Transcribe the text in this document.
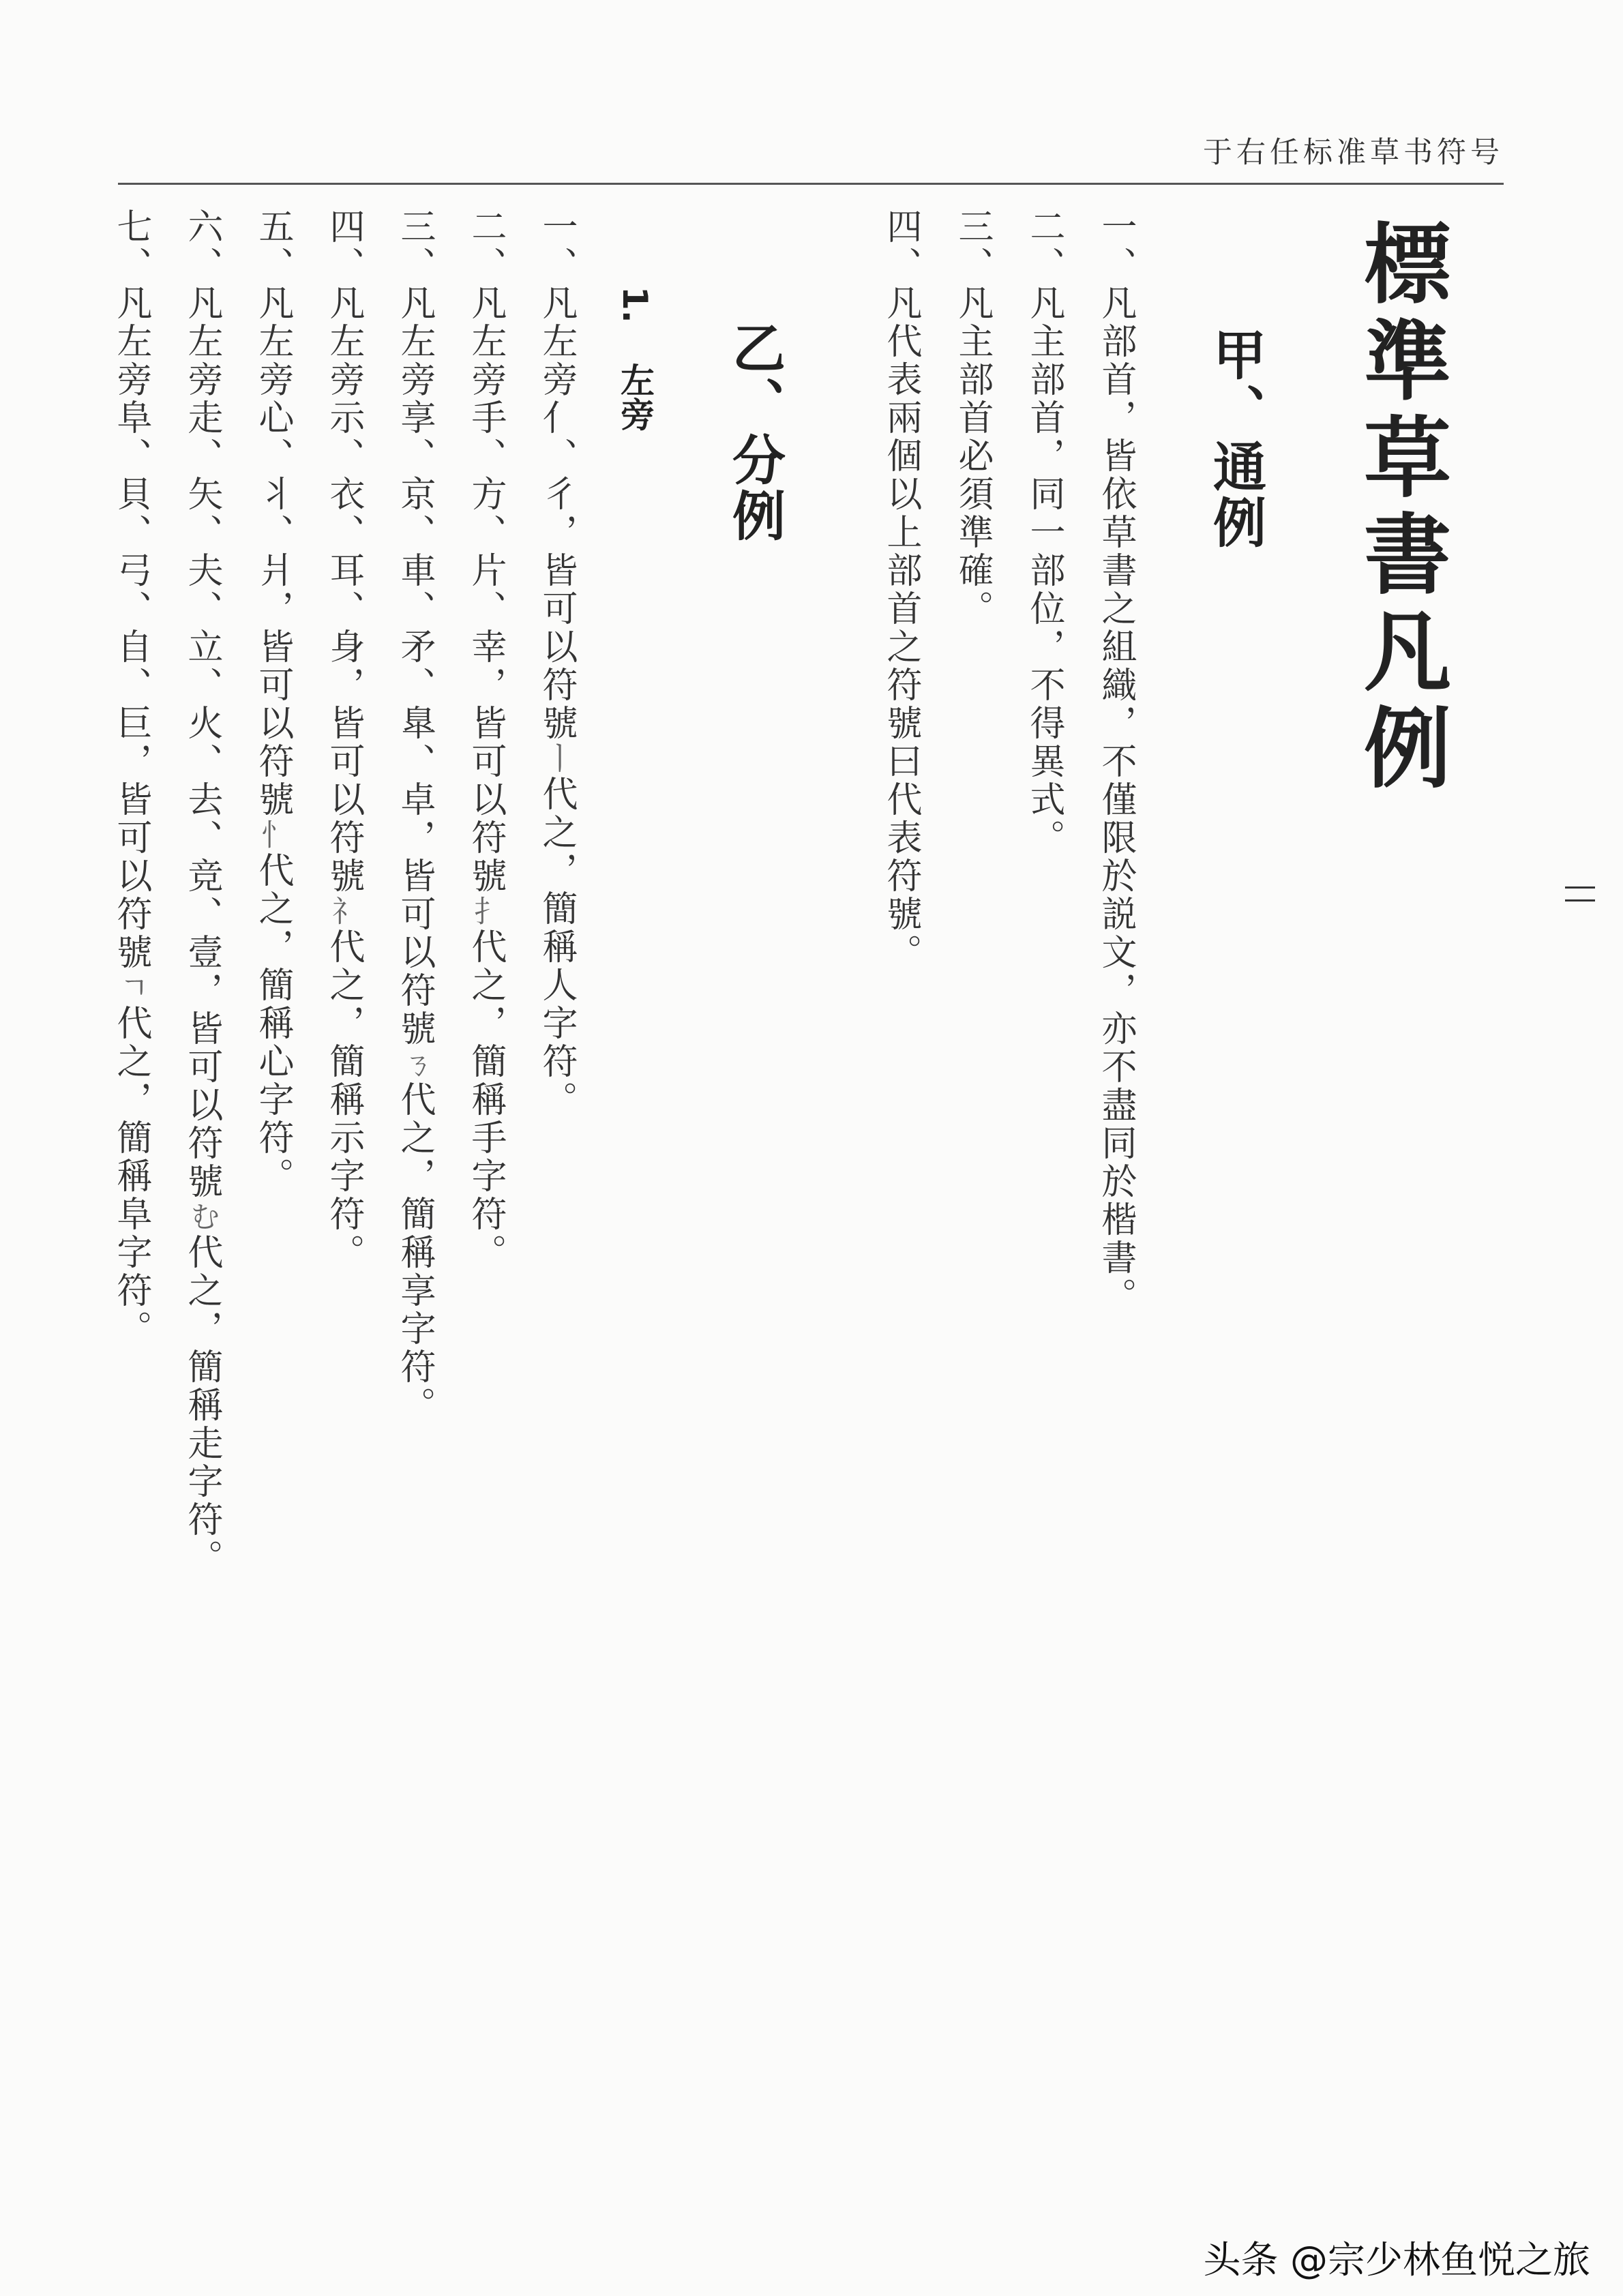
于右任标准草书符号
標準草書凡例
甲、通例
一、凡部首，皆依草書之組織，不僅限於説文，亦不盡同於楷書。
二、凡主部首，同一部位，不得異式。
三、凡主部首必須準確。
四、凡代表兩個以上部首之符號曰代表符號。
乙、分例
1. 左旁
一、凡左旁亻、彳，皆可以符號ㅣ代之，簡稱人字符。
二、凡左旁手、方、片、幸，皆可以符號扌代之，簡稱手字符。
三、凡左旁享、京、車、矛、臯、卓，皆可以符號ㄋ代之，簡稱享字符。
四、凡左旁示、衣、耳、身，皆可以符號礻代之，簡稱示字符。
五、凡左旁心、丬、爿，皆可以符號忄代之，簡稱心字符。
六、凡左旁走、矢、夫、立、火、去、竞、壹，皆可以符號む代之，簡稱走字符。
七、凡左旁阜、貝、弓、自、巨，皆可以符號ㄱ代之，簡稱阜字符。
头条 @宗少林鱼悦之旅
